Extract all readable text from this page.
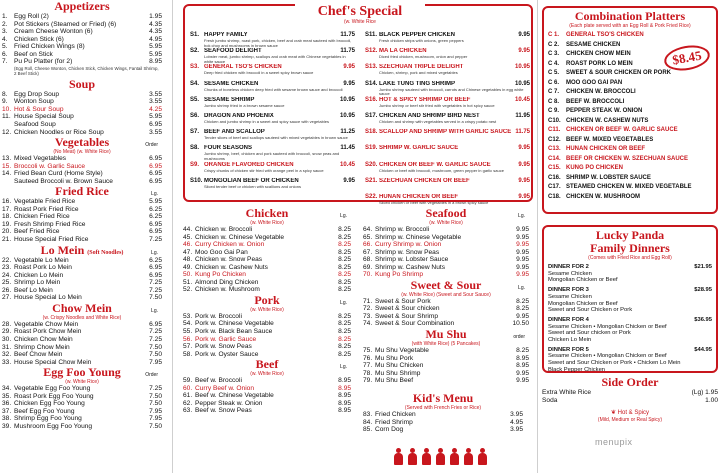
Appetizers
1. Egg Roll (2)	1.95
2. Pot Stickers (Steamed or Fried) (6)	4.35
3. Cream Cheese Wonton (6)	4.35
4. Chicken Stick (6)	4.95
5. Fried Chicken Wings (8)	5.95
6. Beef on Stick	5.95
7. Pu Pu Platter (for 2)	8.95
(Egg Roll, Cheese Wonton, Chicken Stick, Chicken Wings, Fantail Shrimp, 2 Beef Stick)
Soup
8. Egg Drop Soup	3.55
9. Wonton Soup	3.55
10. Hot & Sour Soup	4.25
11. House Special Soup	5.95
Seafood Soup	6.95
12. Chicken Noodles or Rice Soup	3.55
Vegetables	Order
(No Meat) (w. White Rice)
13. Mixed Vegetables	6.95
15. Broccoli w. Garlic Sauce	6.95
14. Fried Bean Curd (Home Style)	6.95
Sauteed Broccoli w. Brown Sauce	6.95
Fried Rice	Lg.
16. Vegetable Fried Rice	5.95
17. Roast Pork Fried Rice	6.25
18. Chicken Fried Rice	6.25
19. Fresh Shrimp Fried Rice	6.95
20. Beef Fried Rice	6.95
21. House Special Fried Rice	7.25
Lo Mein (Soft Noodles)	Lg.
22. Vegetable Lo Mein	6.25
23. Roast Pork Lo Mein	6.95
24. Chicken Lo Mein	6.95
25. Shrimp Lo Mein	7.25
26. Beef Lo Mein	7.25
27. House Special Lo Mein	7.50
Chow Mein	Lg.
(w. Crispy Noodles and White Rice)
28. Vegetable Chow Mein	6.95
29. Roast Pork Chow Mein	7.25
30. Chicken Chow Mein	7.25
31. Shrimp Chow Mein	7.50
32. Beef Chow Mein	7.50
33. House Special Chow Mein	7.95
Egg Foo Young	Order
(w. White Rice)
34. Vegetable Egg Foo Young	7.25
35. Roast Pork Egg Foo Young	7.50
36. Chicken Egg Foo Young	7.50
37. Beef Egg Foo Young	7.95
38. Shrimp Egg Foo Young	7.95
39. Mushroom Egg Foo Young	7.50
Chef's Special
(w. White Rice
S1. HAPPY FAMILY	11.75
Fresh jumbo shrimp, roast pork, chicken, beef and crab meat sauteed with broccoli, bok choy and mushrooms in brown sauce
S2. SEAFOOD DELIGHT	11.75
Lobster meat, jumbo shrimp, scallops and crab meat with Chinese vegetables in white sauce
S3. GENERAL TSO'S CHICKEN	9.95
Deep fried chicken with broccoli in a sweet spicy brown sauce
S4. SESAME CHICKEN	9.95
Chunks of boneless chicken deep fried with sesame brown sauce and broccoli
S5. SESAME SHRIMP	10.95
Jumbo shrimp fried in a brown sesame sauce
S6. DRAGON AND PHOENIX	10.95
Chicken and jumbo shrimp in a sweet and spicy sauce with vegetables
S7. BEEF AND SCALLOP	11.25
Tender slices of beef and scallops sauteed with mixed vegetables in brown sauce
S8. FOUR SEASONS	11.45
Jumbo shrimp, beef, chicken and pork sauteed with broccoli, snow peas and mushrooms
S9. ORANGE FLAVORED CHICKEN	10.45
Crispy chunks of chicken stir fried with orange peel in a spicy sauce
S10. MONGOLIAN BEEF OR CHICKEN	9.95
Sliced tender beef or chicken with scallions and onions
S11. BLACK PEPPER CHICKEN	9.95
Fresh chicken strips with onions, green peppers
S12. MA LA CHICKEN	9.95
Diced fried chicken, mushroom, onion and pepper
S13. SZECHUAN TRIPLE DELIGHT	10.95
Chicken, shrimp, pork and mixed vegetables
S14. LAKE TUNG TING SHRIMP	10.95
Jumbo shrimp sauteed with broccoli, carrots and Chinese vegetables in egg white sauce
S16. HOT & SPICY SHRIMP OR BEEF	10.45
Jumbo shrimp or beef stir fried with vegetables in hot spicy sauce
S17. CHICKEN AND SHRIMP BIRD NEST	11.95
Chicken and shrimp with vegetables served in a crispy potato nest
S18. SCALLOP AND SHRIMP WITH GARLIC SAUCE 11.75
S19. SHRIMP W. GARLIC SAUCE	9.95
S20. CHICKEN OR BEEF W. GARLIC SAUCE	9.95
Chicken or beef with broccoli, mushroom, green pepper in garlic sauce
S21. SZECHUAN CHICKEN OR BEEF	9.95
S22. HUNAN CHICKEN OR BEEF	9.95
Sliced chicken or beef with vegetables in a brown spicy sauce
Chicken	Lg.
(w. White Rice)
44. Chicken w. Broccoli	8.25
45. Chicken w. Chinese Vegetable	8.25
46. Curry Chicken w. Onion	8.25
47. Moo Goo Gai Pan	8.25
48. Chicken w. Snow Peas	8.25
49. Chicken w. Cashew Nuts	8.25
50. Kung Po Chicken	8.25
51. Almond Ding Chicken	8.25
52. Chicken w. Mushroom	8.25
Pork	Lg.
(w. White Rice)
53. Pork w. Broccoli	8.25
54. Pork w. Chinese Vegetable	8.25
55. Pork w. Black Bean Sauce	8.25
56. Pork w. Garlic Sauce	8.25
57. Pork w. Snow Peas	8.25
58. Pork w. Oyster Sauce	8.25
Beef	Lg.
(w. White Rice)
59. Beef w. Broccoli	8.95
60. Curry Beef w. Onion	8.95
61. Beef w. Chinese Vegetable	8.95
62. Pepper Steak w. Onion	8.95
63. Beef w. Snow Peas	8.95
Seafood	Lg.
(w. White Rice)
64. Shrimp w. Broccoli	9.95
65. Shrimp w. Chinese Vegetable	9.95
66. Curry Shrimp w. Onion	9.95
67. Shrimp w. Snow Peas	9.95
68. Shrimp w. Lobster Sauce	9.95
69. Shrimp w. Cashew Nuts	9.95
70. Kung Po Shrimp	9.95
Sweet & Sour	Lg.
(w. White Rice) (Sweet and Sour Sauce)
71. Sweet & Sour Pork	8.25
72. Sweet & Sour chicken	8.25
73. Sweet & Sour Shrimp	9.95
74. Sweet & Sour Combination	10.50
Mu Shu	order
(with White Rice) (5 Pancakes)
75. Mu Shu Vegetable	8.25
76. Mu Shu Pork	8.95
77. Mu Shu Chicken	8.95
78. Mu Shu Shrimp	9.95
79. Mu Shu Beef	9.95
Kid's Menu
(Served with French Fries or Rice)
83. Fried Chicken	3.95
84. Fried Shrimp	4.95
85. Corn Dog	3.95
Combination Platters
(Each plate served with an Egg Roll & Pork Fried Rice)
$8.45
C 1.	GENERAL TSO'S CHICKEN
C 2.	SESAME CHICKEN
C 3.	CHICKEN CHOW MEIN
C 4.	ROAST PORK LO MEIN
C 5.	SWEET & SOUR CHICKEN OR PORK
C 6.	MOO GOO GAI PAN
C 7.	CHICKEN W. BROCCOLI
C 8.	BEEF W. BROCCOLI
C 9.	PEPPER STEAK W. ONION
C10. CHICKEN W. CASHEW NUTS
C11. CHICKEN OR BEEF W. GARLIC SAUCE
C12. BEEF W. MIXED VEGETABLES
C13. HUNAN CHICKEN OR BEEF
C14. BEEF OR CHICKEN W. SZECHUAN SAUCE
C15. KUNG PO CHICKEN
C16. SHRIMP W. LOBSTER SAUCE
C17. STEAMED CHICKEN W. MIXED VEGETABLE
C18. CHICKEN W. MUSHROOM
Lucky Panda
Family Dinners
(Comes with Fried Rice and Egg Roll)
DINNER FOR 2	$21.95
Sesame Chicken
Mongolian Chicken or Beef
DINNER FOR 3	$28.95
Sesame Chicken
Mongolian Chicken or Beef
Sweet and Sour Chicken or Pork
DINNER FOR 4	$36.95
Sesame Chicken • Mongolian Chicken or Beef
Sweet and Sour chicken or Pork
Chicken Lo Mein
DINNER FOR 5	$44.95
Sesame Chicken • Mongolian Chicken or Beef
Sweet and Sour Chicken or Pork • Chicken Lo Mein
Black Pepper Chicken
Side Order
Extra White Rice	(Lg) 1.95
Soda	1.00
❦ Hot & Spicy
(Mild, Medium or Real Spicy)
menupix
